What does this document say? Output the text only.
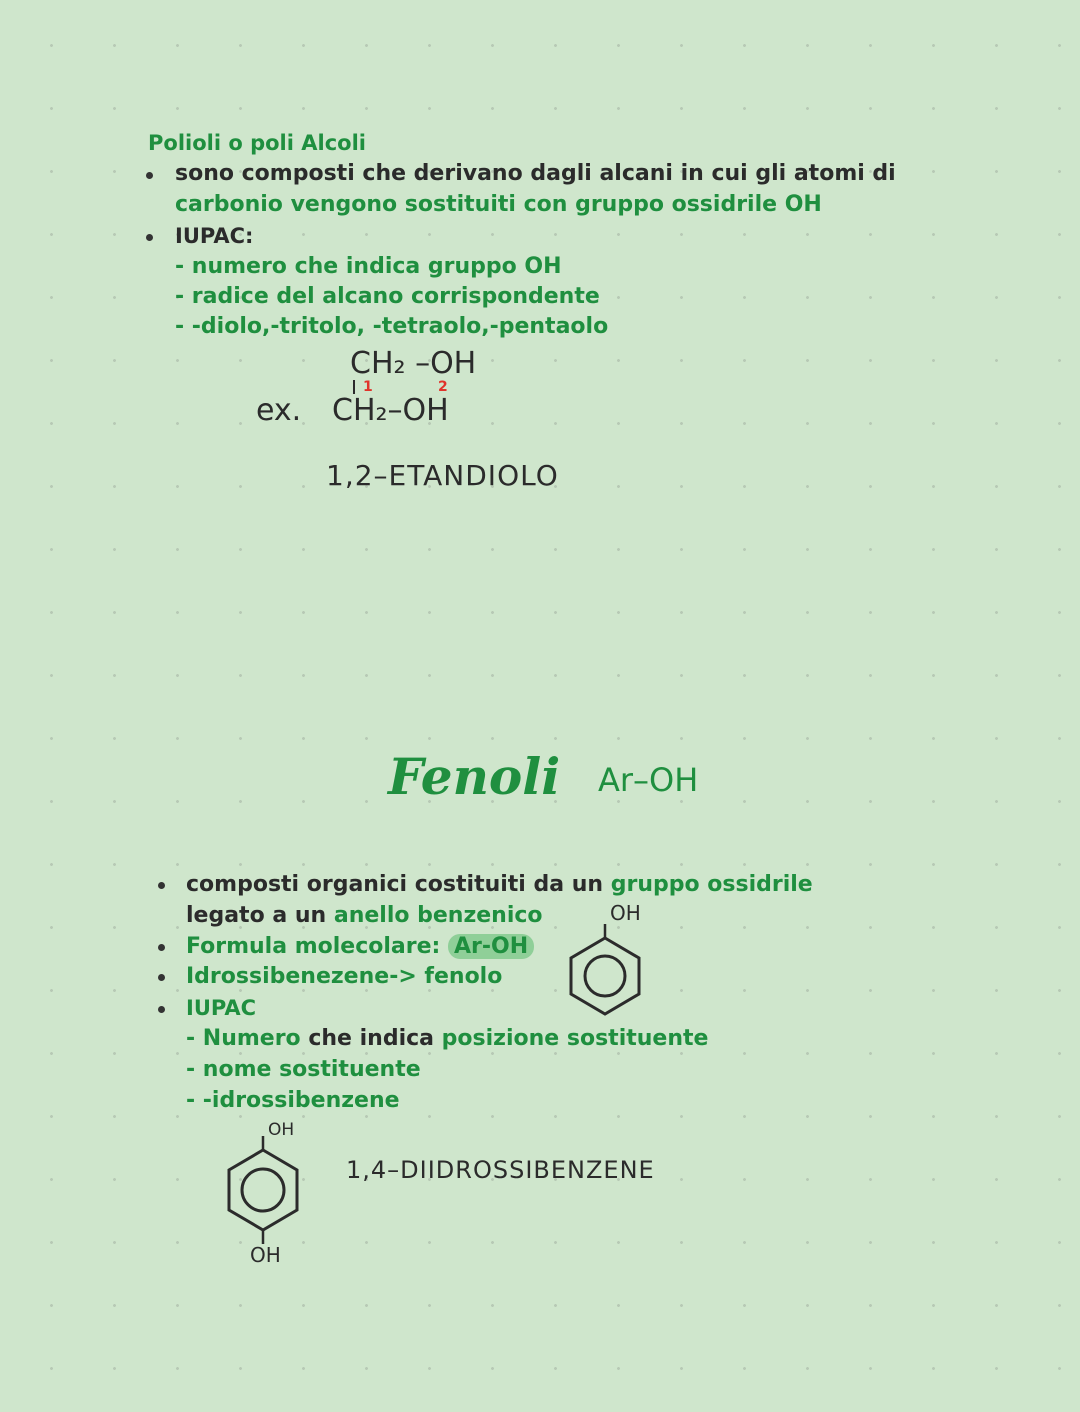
Polioli o poli Alcoli
sono composti che derivano dagli alcani in cui gli atomi di
carbonio vengono sostituiti con gruppo ossidrile OH
IUPAC:
- numero che indica gruppo OH
- radice del alcano corrispondente
- -diolo,-tritolo, -tetraolo,-pentaolo
ex.
CH₂ –OH
CH₂–OH
1	2
1,2–ETANDIOLO
Fenoli Ar–OH
composti organici costituiti da un gruppo ossidrile
legato a un anello benzenico
Formula molecolare: Ar-OH
Idrossibenezene-> fenolo
IUPAC
- Numero che indica posizione sostituente
- nome sostituente
- -idrossibenzene
OH
OH
OH
1,4–DIIDROSSIBENZENE
